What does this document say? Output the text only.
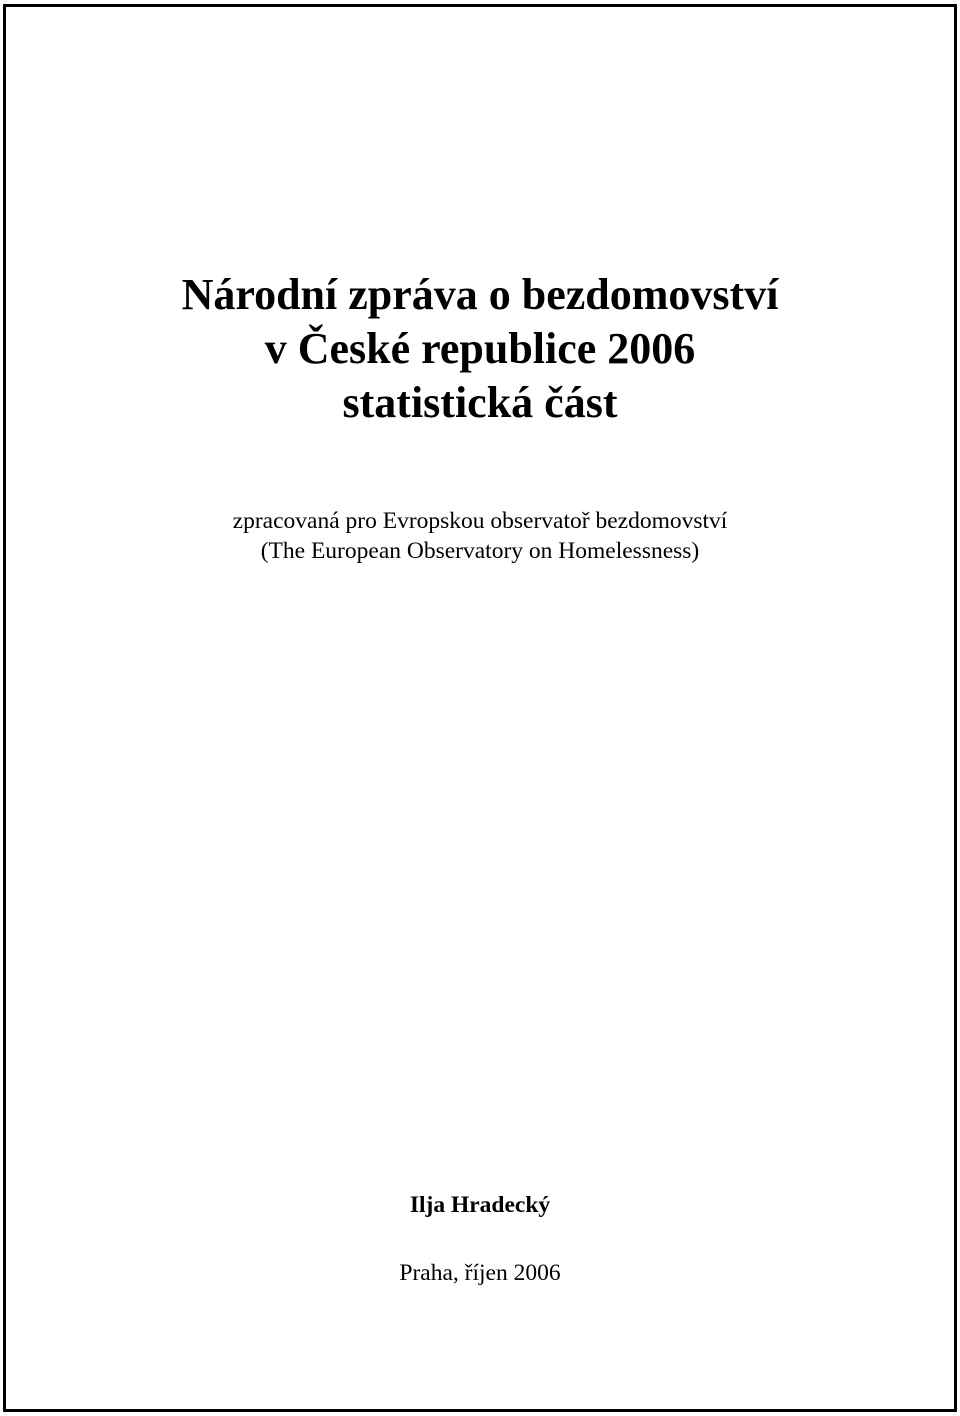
Národní zpráva o bezdomovství
v České republice 2006
statistická část
zpracovaná pro Evropskou observatoř bezdomovství
(The European Observatory on Homelessness)
Ilja Hradecký
Praha, říjen 2006
